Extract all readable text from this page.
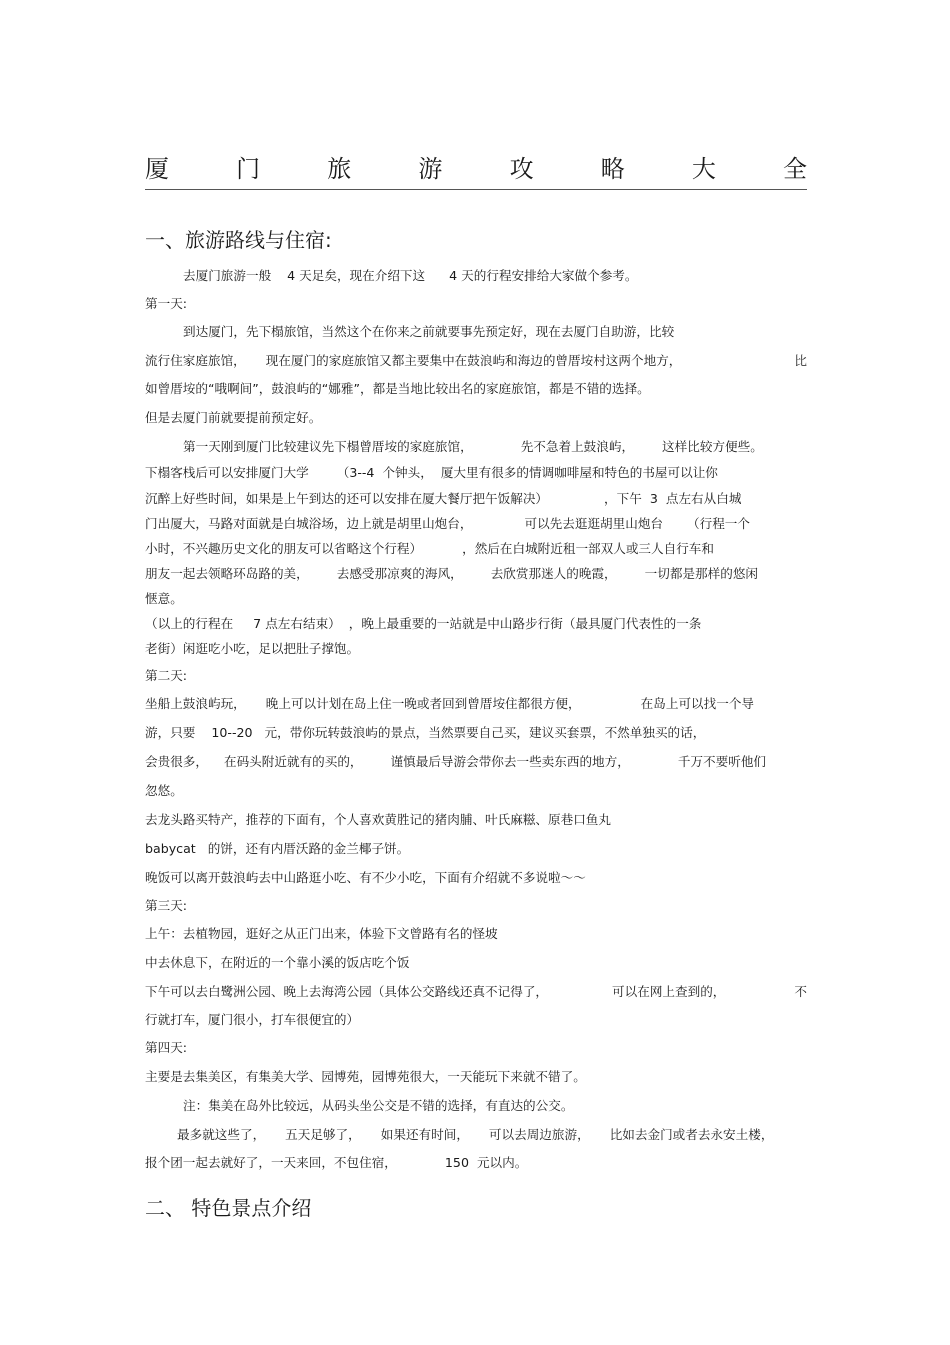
厦	门	旅	游	攻	略	大	全
一、旅游路线与住宿:
去厦门旅游一般    4 天足矣，现在介绍下这      4 天的行程安排给大家做个参考。
第一天:
到达厦门，先下榻旅馆，当然这个在你来之前就要事先预定好，现在去厦门自助游，比较
流行住家庭旅馆，     现在厦门的家庭旅馆又都主要集中在鼓浪屿和海边的曾厝垵村这两个地方，	比
如曾厝垵的“哦啊间”，鼓浪屿的“娜雅”，都是当地比较出名的家庭旅馆，都是不错的选择。
但是去厦门前就要提前预定好。
第一天刚到厦门比较建议先下榻曾厝垵的家庭旅馆，            先不急着上鼓浪屿，       这样比较方便些。
下榻客栈后可以安排厦门大学       （3--4  个钟头，  厦大里有很多的情调咖啡屋和特色的书屋可以让你
沉醉上好些时间，如果是上午到达的还可以安排在厦大餐厅把午饭解决）              ，下午  3  点左右从白城
门出厦大，马路对面就是白城浴场，边上就是胡里山炮台，             可以先去逛逛胡里山炮台      （行程一个
小时，不兴趣历史文化的朋友可以省略这个行程）          ，然后在白城附近租一部双人或三人自行车和
朋友一起去领略环岛路的美，       去感受那凉爽的海风，       去欣赏那迷人的晚霞，       一切都是那样的悠闲
惬意。
（以上的行程在     7 点左右结束）  ，晚上最重要的一站就是中山路步行街（最具厦门代表性的一条
老街）闲逛吃小吃，足以把肚子撑饱。
第二天:
坐船上鼓浪屿玩，     晚上可以计划在岛上住一晚或者回到曾厝垵住都很方便，               在岛上可以找一个导
游，只要    10--20   元，带你玩转鼓浪屿的景点，当然票要自己买，建议买套票，不然单独买的话，
会贵很多，    在码头附近就有的买的，       谨慎最后导游会带你去一些卖东西的地方，            千万不要听他们
忽悠。
去龙头路买特产，推荐的下面有，个人喜欢黄胜记的猪肉脯、叶氏麻糍、原巷口鱼丸
babycat   的饼，还有内厝沃路的金兰椰子饼。
晚饭可以离开鼓浪屿去中山路逛小吃、有不少小吃，下面有介绍就不多说啦～～
第三天:
上午：去植物园，逛好之从正门出来，体验下文曾路有名的怪坡
中去休息下，在附近的一个靠小溪的饭店吃个饭
下午可以去白鹭洲公园、晚上去海湾公园（具体公交路线还真不记得了，                可以在网上查到的，	不
行就打车，厦门很小，打车很便宜的）
第四天:
主要是去集美区，有集美大学、园博苑，园博苑很大，一天能玩下来就不错了。
注：集美在岛外比较远，从码头坐公交是不错的选择，有直达的公交。
最多就这些了，     五天足够了，     如果还有时间，     可以去周边旅游，     比如去金门或者去永安土楼，
报个团一起去就好了，一天来回，不包住宿，            150  元以内。
二、 特色景点介绍
